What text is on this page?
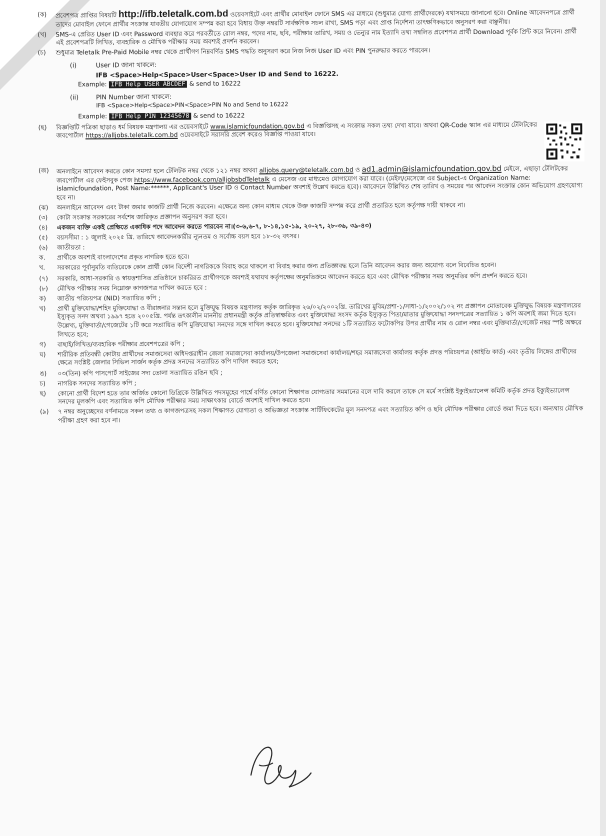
(ক)	প্রবেশপত্র প্রাপ্তির বিষয়টি http://ifb.teletalk.com.bd ওয়েবসাইটে এবং প্রার্থীর মোবাইল ফোনে SMS এর মাধ্যমে (শুধুমাত্র যোগ্য প্রার্থীদেরকে) যথাসময়ে জানানো হবে। Online আবেদনপত্রে প্রার্থী তাদের মোবাইল ফোনে প্রার্থীর সংক্রান্ত যাবতীয় যোগাযোগ সম্পন্ন করা হবে বিধায় উক্ত নম্বরটি সার্বক্ষণিক সচল রাখা, SMS পড়া এবং প্রাপ্ত নির্দেশনা তাৎক্ষণিকভাবে অনুসরণ করা বাঞ্ছনীয়।
(খ)	SMS-এ প্রেরিত User ID এবং Password ব্যবহার করে পরবর্তীতে রোল নম্বর, পদের নাম, ছবি, পরীক্ষার তারিখ, সময় ও ভেন্যুর নাম ইত্যাদি তথ্য সম্বলিত প্রবেশপত্র প্রার্থী Download পূর্বক প্রিন্ট করে নিবেন। প্রার্থী এই প্রবেশপত্রটি লিখিত, ব্যবহারিক ও মৌখিক পরীক্ষার সময় অবশ্যই প্রদর্শন করবেন।
(চ)	শুধুমাত্র Teletalk Pre-Paid Mobile নম্বর থেকে প্রার্থীগণ নিম্নবর্ণিত SMS পদ্ধতি অনুসরণ করে নিজ নিজ User ID এবং PIN পুনরুদ্ধার করতে পারবেন।
(i)	User ID জানা থাকলে:
IFB <Space>Help<Space>User<Space>User ID and Send to 16222.
Example: IFB Help USER ABCDEF & send to 16222
(ii)	PIN Number জানা থাকলে:
IFB <Space>Help<Space>PIN<Space>PIN No and Send to 16222
Example: IFB Help PIN 12345678 & send to 16222
(ছ)	বিজ্ঞপ্তিটি পত্রিকা ছাড়াও ধর্ম বিষয়ক মন্ত্রণালয় এর ওয়েবসাইটে www.islamicfoundation.gov.bd এ বিজ্ঞপ্তিসহ এ সংক্রান্ত সকল তথ্য দেখা যাবে। অথবা QR-Code স্ক্যান এর মাধ্যমে টেলিটকের জবপোর্টাল https://alljobs.teletalk.com.bd ওয়েবসাইটে সরাসরি প্রবেশ করেও বিজ্ঞপ্তি পাওয়া যাবে।
(জ)	অনলাইনে আবেদন করতে কোন সমস্যা হলে টেলিটক নম্বর থেকে ১২১ নম্বর অথবা alljobs.query@teletalk.com.bd ও ad1.admin@islamicfoundation.gov.bd মেইলে, এছাড়া টেলিটকের জবপোর্টাল এর ফেইসবুক পেজ https://www.facebook.com/alljobsbdTeletalk এ মেসেজ এর মাধ্যমেও যোগাযোগ করা যাবে। (মেইল/মেসেজে এর Subject-এ Organization Name: islamicfoundation, Post Name:******, Applicant's User ID ও Contact Number অবশ্যই উল্লেখ করতে হবে)। আবেদনে উল্লিখিত শেষ তারিখ ও সময়ের পর আবেদন সংক্রান্ত কোন অভিযোগ গ্রহণযোগ্য হবে না।
(ঝ)	অনলাইনে আবেদন এবং টাকা জমার কাজটি প্রার্থী নিজে করবেন। এক্ষেত্রে অন্য কোন মাধ্যম থেকে উক্ত কাজটি সম্পন্ন করে প্রার্থী প্রতারিত হলে কর্তৃপক্ষ দায়ী থাকবে না।
(৩)	কোটা সংক্রান্ত সরকারের সর্বশেষ জারিকৃত প্রজ্ঞাপন অনুসরণ করা হবে।
(৪)	একজন ব্যক্তি একই প্রেক্ষিতে একাধিক পদে আবেদন করতে পারবেন না।(৩-৬,৬-৭, ৮-১৪,১৫-১৯, ২০-২৭, ২৮-৩৬, ৩৯-৪৩)
(৫)	বয়সসীমা : ১ জুলাই ২০২৫ খ্রি. তারিখে আবেদনকারীর ন্যূনতম ও সর্বোচ্চ বয়স হবে ১৮-৩২ বৎসর।
(৬)	জাতীয়তা :
ক.	প্রার্থীকে অবশ্যই বাংলাদেশের প্রকৃত নাগরিক হতে হবে।
খ.	সরকারের পূর্বানুমতি ব্যতিরেকে কোন প্রার্থী কোন বিদেশী নাগরিককে বিবাহ করে থাকলে বা বিবাহ করার জন্য প্রতিজ্ঞাবদ্ধ হলে তিনি আবেদন করার জন্য অযোগ্য বলে বিবেচিত হবেন।
(৭)	সরকারি, আধা-সরকারি ও স্বায়ত্তশাসিত প্রতিষ্ঠানে চাকরিরত প্রার্থীগণকে অবশ্যই যথাযথ কর্তৃপক্ষের অনুমতিক্রমে আবেদন করতে হবে এবং মৌখিক পরীক্ষার সময় অনুমতির কপি প্রদর্শন করতে হবে।
(৮)	মৌখিক পরীক্ষার সময় নিম্নোক্ত কাগজপত্র দাখিল করতে হবে :
ক)	জাতীয় পরিচয়পত্র (NID) সত্যায়িত কপি ;
খ)	প্রার্থী মুক্তিযোদ্ধা/শহিদ মুক্তিযোদ্ধা ও বীরাঙ্গনার সন্তান হলে মুক্তিযুদ্ধ বিষয়ক মন্ত্রণালয় কর্তৃক জারিকৃত ২৬/০২/২০০২খ্রি. তারিখের মুবিম/প্রশা-১/সাধা-১/২০০২/১০২ নং প্রজ্ঞাপন মোতাবেক মুক্তিযুদ্ধ বিষয়ক মন্ত্রণালয়ের ইস্যুকৃত সনদ অথবা ১৯৯৭ হতে ২০০৫খ্রি. পর্যন্ত তৎকালীন মাননীয় প্রধানমন্ত্রী কর্তৃক প্রতিস্বাক্ষরিত এবং মুক্তিযোদ্ধা সংসদ কর্তৃক ইস্যুকৃত পিতা/মাতার মুক্তিযোদ্ধা সনদপত্রের সত্যায়িত ১ কপি অবশ্যই জমা দিতে হবে। উল্লেখ্য, মুক্তিবার্তা/গেজেটের ১টি করে সত্যায়িত কপি মুক্তিযোদ্ধা সনদের সঙ্গে দাখিল করতে হবে। মুক্তিযোদ্ধা সনদের ১টি সত্যায়িত ফটোকপির উপর প্রার্থীর নাম ও রোল নম্বর এবং মুক্তিবার্তা/গেজেট নম্বর স্পষ্ট অক্ষরে লিখতে হবে;
গ)	বাছাই/লিখিত/ব্যবহারিক পরীক্ষার প্রবেশপত্রের কপি ;
ঘ)	শারীরিক প্রতিবন্ধী কোটায় প্রার্থীদের সমাজসেবা অধিদপ্তরাধীন জেলা সমাজসেবা কার্যালয়/উপজেলা সমাজসেবা কার্যালয়/শহর সমাজসেবা কার্যালয় কর্তৃক প্রদত্ত পরিচয়পত্র (আইডি কার্ড) এবং তৃতীয় লিঙ্গের প্রার্থীদের ক্ষেত্রে সংশ্লিষ্ট জেলার সিভিল সার্জন কর্তৃক প্রদত্ত সনদের সত্যায়িত কপি দাখিল করতে হবে;
ঙ)	০৩(তিন) কপি পাসপোর্ট সাইজের সদ্য তোলা সত্যায়িত রঙিন ছবি ;
চ)	নাগরিক সনদের সত্যায়িত কপি ;
ছ)	কোনো প্রার্থী বিদেশ হতে তার অর্জিত কোনো ডিগ্রিকে উল্লিখিত পদসমূহের পার্শ্বে বর্ণিত কোনো শিক্ষাগত যোগ্যতার সমমানের বলে দাবি করলে তাকে সে মর্মে সংশ্লিষ্ট ইক্যুইভ্যালেন্স কমিটি কর্তৃক প্রদত্ত ইক্যুইভ্যালেন্স সনদের মূলকপি এবং সত্যায়িত কপি মৌখিক পরীক্ষার সময় সাক্ষাৎকার বোর্ডে অবশ্যই দাখিল করতে হবে।
(৯)	৭ নম্বর অনুচ্ছেদের বর্ণনামতে সকল তথ্য ও কাগজপত্রসহ সকল শিক্ষাগত যোগ্যতা ও অভিজ্ঞতা সংক্রান্ত সার্টিফিকেটের মূল সনদপত্র এবং সত্যায়িত কপি ও ছবি মৌখিক পরীক্ষার বোর্ডে জমা দিতে হবে। অন্যথায় মৌখিক পরীক্ষা গ্রহণ করা হবে না।
